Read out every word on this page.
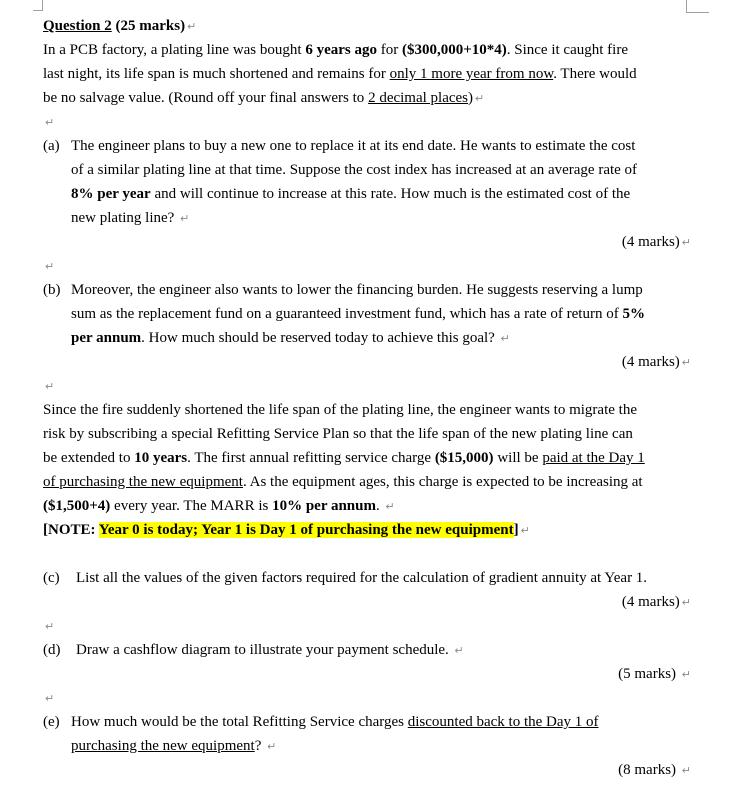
Question 2 (25 marks) ↵
In a PCB factory, a plating line was bought 6 years ago for ($300,000+10*4). Since it caught fire
last night, its life span is much shortened and remains for only 1 more year from now. There would
be no salvage value. (Round off your final answers to 2 decimal places) ↵
↵
(a) The engineer plans to buy a new one to replace it at its end date. He wants to estimate the cost
of a similar plating line at that time. Suppose the cost index has increased at an average rate of
8% per year and will continue to increase at this rate. How much is the estimated cost of the
new plating line? ↵
(4 marks) ↵
↵
(b) Moreover, the engineer also wants to lower the financing burden. He suggests reserving a lump
sum as the replacement fund on a guaranteed investment fund, which has a rate of return of 5%
per annum. How much should be reserved today to achieve this goal? ↵
(4 marks) ↵
↵
Since the fire suddenly shortened the life span of the plating line, the engineer wants to migrate the
risk by subscribing a special Refitting Service Plan so that the life span of the new plating line can
be extended to 10 years. The first annual refitting service charge ($15,000) will be paid at the Day 1
of purchasing the new equipment. As the equipment ages, this charge is expected to be increasing at
($1,500+4) every year. The MARR is 10% per annum. ↵
[NOTE: Year 0 is today; Year 1 is Day 1 of purchasing the new equipment] ↵
(c)	List all the values of the given factors required for the calculation of gradient annuity at Year 1.
(4 marks) ↵
↵
(d)	Draw a cashflow diagram to illustrate your payment schedule. ↵
(5 marks) ↵
↵
(e) How much would be the total Refitting Service charges discounted back to the Day 1 of
purchasing the new equipment? ↵
(8 marks) ↵
